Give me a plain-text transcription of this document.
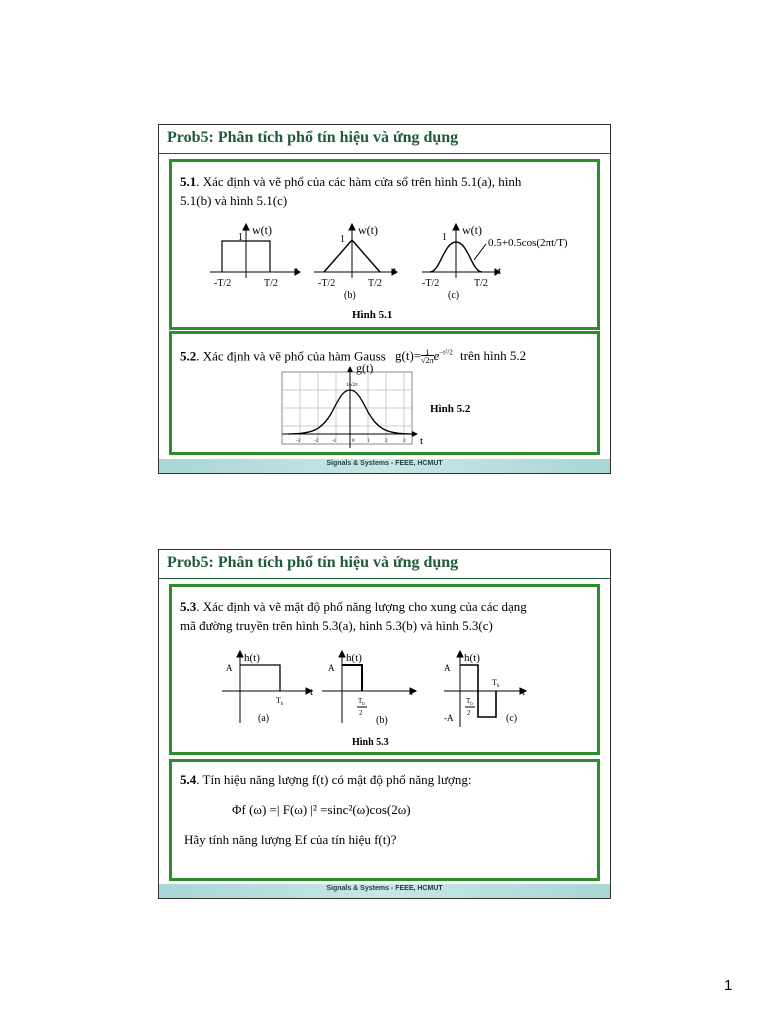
Prob5: Phân tích phổ tín hiệu và ứng dụng
5.1. Xác định và vẽ phổ của các hàm cửa sổ trên hình 5.1(a), hình
5.1(b) và hình 5.1(c)
1
w(t)
t
-T/2	T/2
1
w(t)
t
-T/2	T/2
(b)
1
w(t)
t
-T/2	T/2
(c)
0.5+0.5cos(2πt/T)
Hình 5.1
5.2. Xác định và vẽ phổ của hàm Gauss g(t)= 1
$√2\pi e^{-t^2/2}$ trên hình 5.2
g(t)
1/√2π
t
-3	-2	-1	0	1	2	3
Hình 5.2
Signals & Systems - FEEE, HCMUT
Prob5: Phân tích phổ tín hiệu và ứng dụng
5.3. Xác định và vẽ mật độ phổ năng lượng cho xung của các dạng
mã đường truyền trên hình 5.3(a), hình 5.3(b) và hình 5.3(c)
A
h(t)
t
$T_b$
(a)
A
h(t)
t
$T_b$
2
(b)
A
-A
h(t)
t
$T_b$
$T_b$
2	(c)
Hình 5.3
5.4. Tín hiệu năng lượng f(t) có mật độ phổ năng lượng:
Φf (ω) =| F(ω) |² =sinc²(ω)cos(2ω)
Hãy tính năng lượng Ef của tín hiệu f(t)?
Signals & Systems - FEEE, HCMUT
1
